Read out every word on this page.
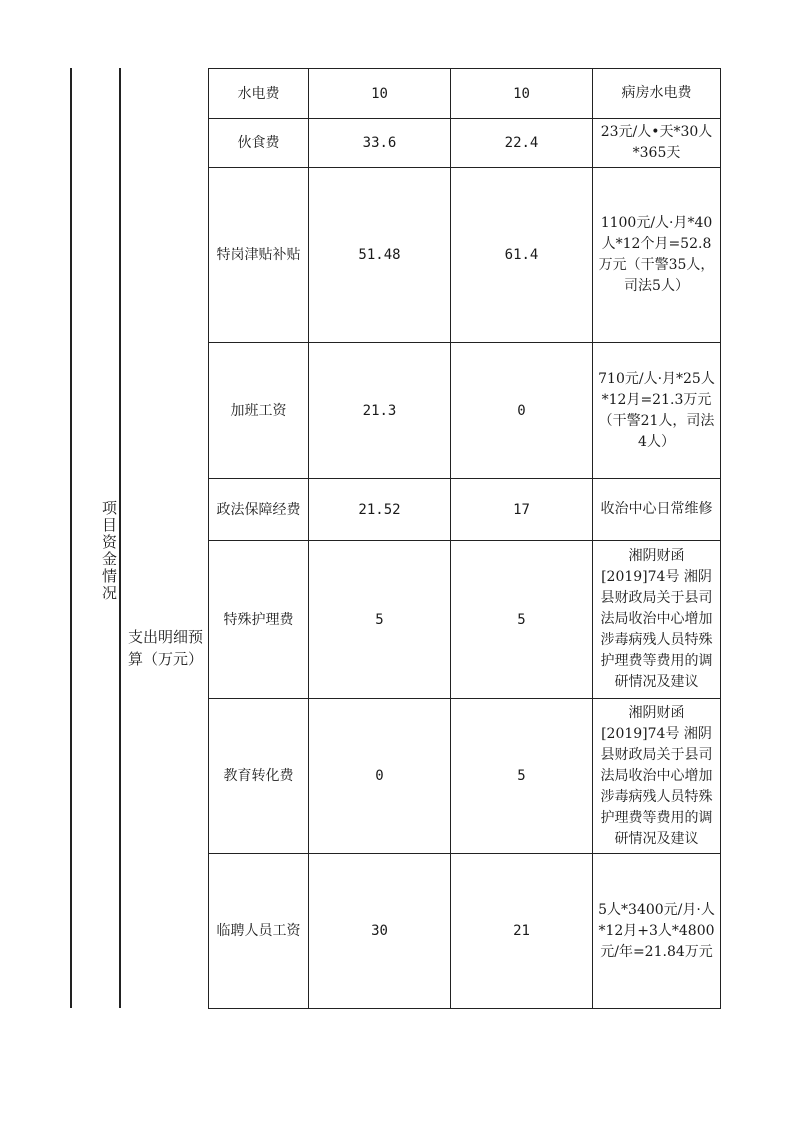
项目资金情况
支出明细预算（万元）
水电费	10	10	病房水电费
伙食费	33.6	22.4	23元/人•天*30人*365天
特岗津贴补贴	51.48	61.4	1100元/人·月*40人*12个月=52.8万元（干警35人，司法5人）
加班工资	21.3	0	710元/人·月*25人*12月=21.3万元（干警21人，司法4人）
政法保障经费	21.52	17	收治中心日常维修
特殊护理费	5	5	湘阴财函[2019]74号 湘阴县财政局关于县司法局收治中心增加涉毒病残人员特殊护理费等费用的调研情况及建议
教育转化费	0	5	湘阴财函[2019]74号 湘阴县财政局关于县司法局收治中心增加涉毒病残人员特殊护理费等费用的调研情况及建议
临聘人员工资	30	21	5人*3400元/月·人*12月+3人*4800元/年=21.84万元
